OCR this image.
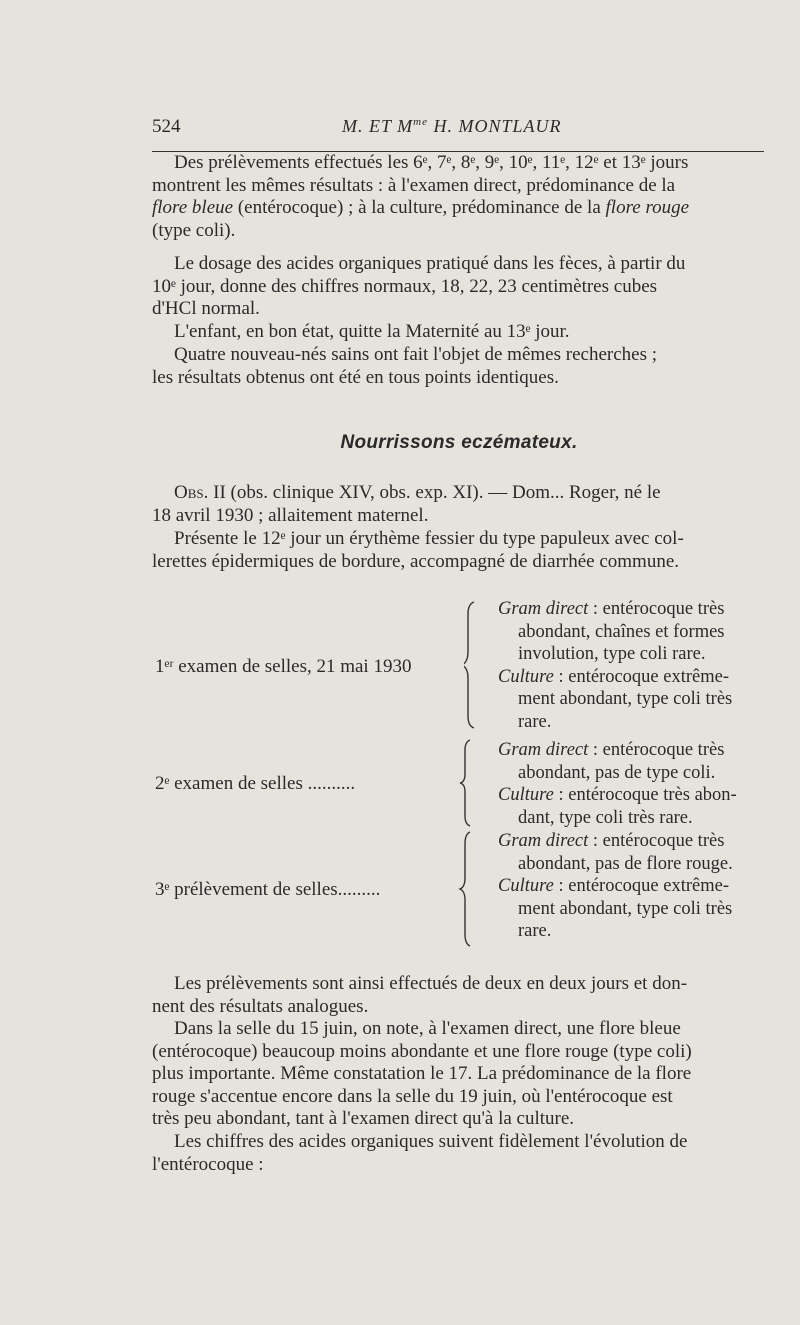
524	M. ET $M^{me}$ H. MONTLAUR
Des prélèvements effectués les 6ᵉ, 7ᵉ, 8ᵉ, 9ᵉ, 10ᵉ, 11ᵉ, 12ᵉ et 13ᵉ jours
montrent les mêmes résultats : à l'examen direct, prédominance de la
flore bleue (entérocoque) ; à la culture, prédominance de la flore rouge
(type coli).
Le dosage des acides organiques pratiqué dans les fèces, à partir du
10ᵉ jour, donne des chiffres normaux, 18, 22, 23 centimètres cubes
d'HCl normal.
L'enfant, en bon état, quitte la Maternité au 13ᵉ jour.
Quatre nouveau-nés sains ont fait l'objet de mêmes recherches ;
les résultats obtenus ont été en tous points identiques.
Nourrissons eczémateux.
Obs. II (obs. clinique XIV, obs. exp. XI). — Dom... Roger, né le
18 avril 1930 ; allaitement maternel.
Présente le 12ᵉ jour un érythème fessier du type papuleux avec col-
lerettes épidermiques de bordure, accompagné de diarrhée commune.
1ᵉʳ examen de selles, 21 mai 1930
Gram direct : entérocoque très
abondant, chaînes et formes
involution, type coli rare.
Culture : entérocoque extrême-
ment abondant, type coli très
rare.
2ᵉ examen de selles ..........
Gram direct : entérocoque très
abondant, pas de type coli.
Culture : entérocoque très abon-
dant, type coli très rare.
3ᵉ prélèvement de selles.........
Gram direct : entérocoque très
abondant, pas de flore rouge.
Culture : entérocoque extrême-
ment abondant, type coli très
rare.
Les prélèvements sont ainsi effectués de deux en deux jours et don-
nent des résultats analogues.
Dans la selle du 15 juin, on note, à l'examen direct, une flore bleue
(entérocoque) beaucoup moins abondante et une flore rouge (type coli)
plus importante. Même constatation le 17. La prédominance de la flore
rouge s'accentue encore dans la selle du 19 juin, où l'entérocoque est
très peu abondant, tant à l'examen direct qu'à la culture.
Les chiffres des acides organiques suivent fidèlement l'évolution de
l'entérocoque :
